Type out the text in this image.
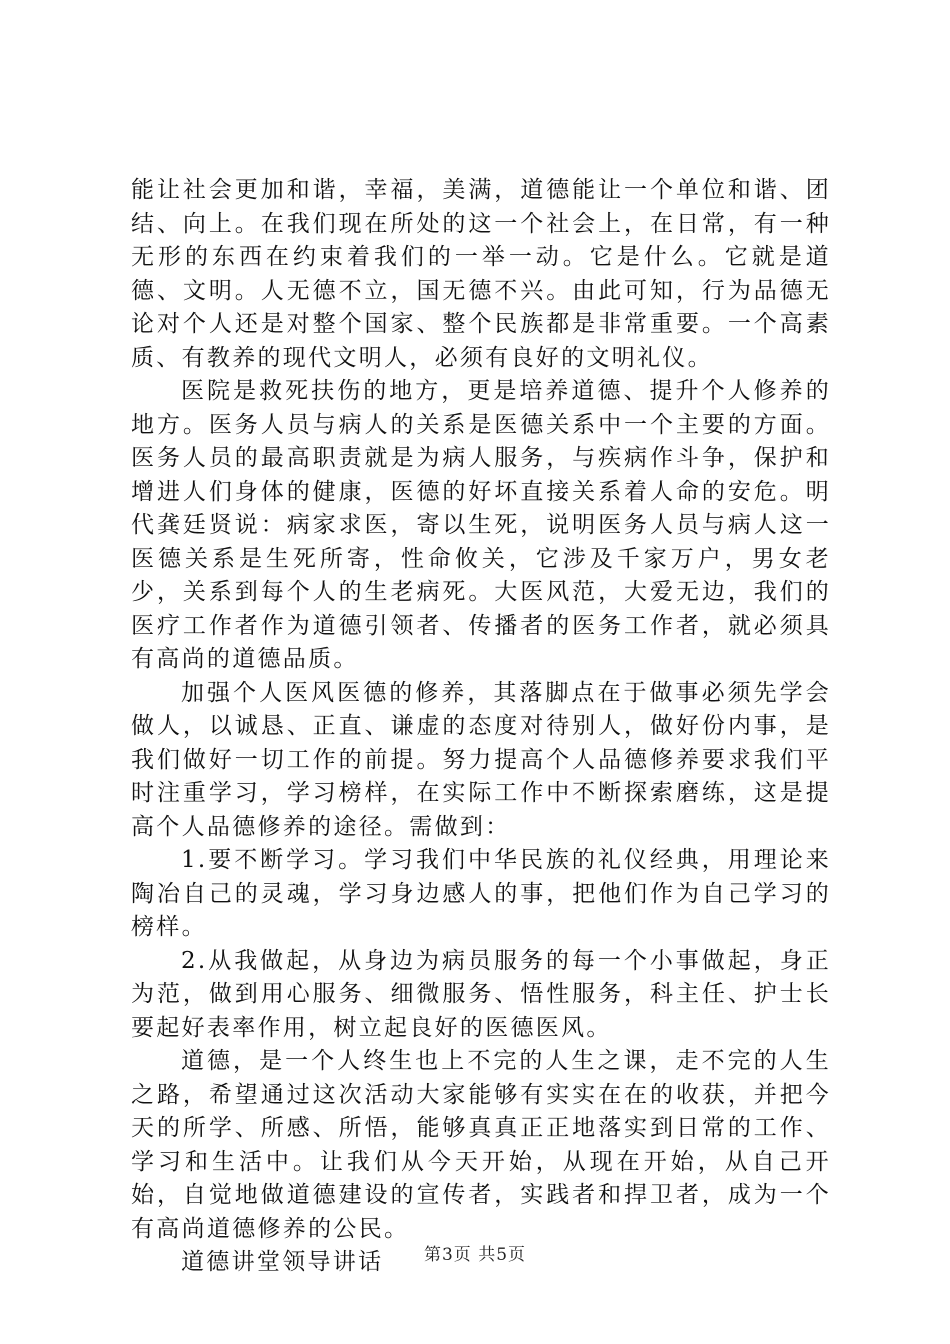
能让社会更加和谐，幸福，美满，道德能让一个单位和谐、团结、向上。在我们现在所处的这一个社会上，在日常，有一种无形的东西在约束着我们的一举一动。它是什么。它就是道德、文明。人无德不立，国无德不兴。由此可知，行为品德无论对个人还是对整个国家、整个民族都是非常重要。一个高素质、有教养的现代文明人，必须有良好的文明礼仪。

医院是救死扶伤的地方，更是培养道德、提升个人修养的地方。医务人员与病人的关系是医德关系中一个主要的方面。医务人员的最高职责就是为病人服务，与疾病作斗争，保护和增进人们身体的健康，医德的好坏直接关系着人命的安危。明代龚廷贤说：病家求医，寄以生死，说明医务人员与病人这一医德关系是生死所寄，性命攸关，它涉及千家万户，男女老少，关系到每个人的生老病死。大医风范，大爱无边，我们的医疗工作者作为道德引领者、传播者的医务工作者，就必须具有高尚的道德品质。

加强个人医风医德的修养，其落脚点在于做事必须先学会做人，以诚恳、正直、谦虚的态度对待别人，做好份内事，是我们做好一切工作的前提。努力提高个人品德修养要求我们平时注重学习，学习榜样，在实际工作中不断探索磨练，这是提高个人品德修养的途径。需做到：

1.要不断学习。学习我们中华民族的礼仪经典，用理论来陶冶自己的灵魂，学习身边感人的事，把他们作为自己学习的榜样。

2.从我做起，从身边为病员服务的每一个小事做起，身正为范，做到用心服务、细微服务、悟性服务，科主任、护士长要起好表率作用，树立起良好的医德医风。

道德，是一个人终生也上不完的人生之课，走不完的人生之路，希望通过这次活动大家能够有实实在在的收获，并把今天的所学、所感、所悟，能够真真正正地落实到日常的工作、学习和生活中。让我们从今天开始，从现在开始，从自己开始，自觉地做道德建设的宣传者，实践者和捍卫者，成为一个有高尚道德修养的公民。

道德讲堂领导讲话	第3页 共5页
